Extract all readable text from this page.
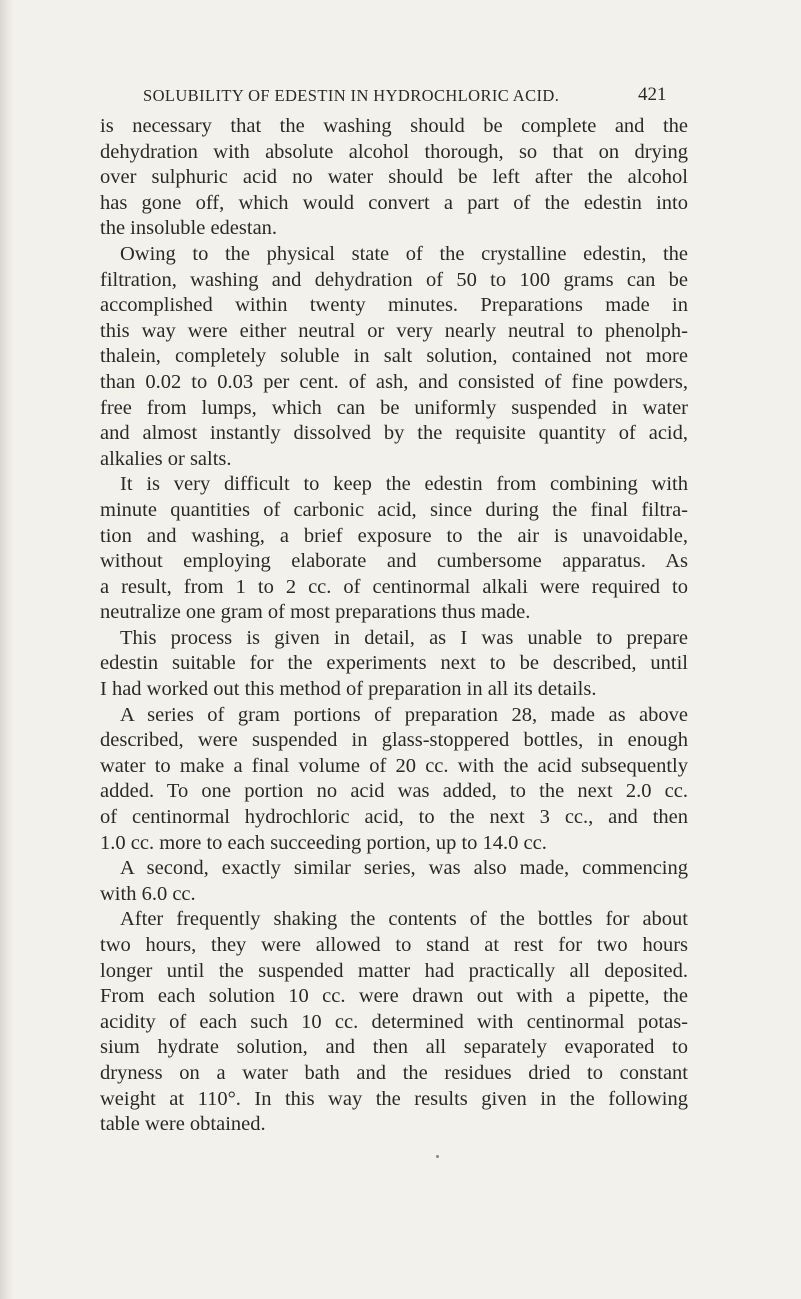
SOLUBILITY OF EDESTIN IN HYDROCHLORIC ACID.	421
is necessary that the washing should be complete and the
dehydration with absolute alcohol thorough, so that on drying
over sulphuric acid no water should be left after the alcohol
has gone off, which would convert a part of the edestin into
the insoluble edestan.
Owing to the physical state of the crystalline edestin, the
filtration, washing and dehydration of 50 to 100 grams can be
accomplished within twenty minutes. Preparations made in
this way were either neutral or very nearly neutral to phenolph-
thalein, completely soluble in salt solution, contained not more
than 0.02 to 0.03 per cent. of ash, and consisted of fine powders,
free from lumps, which can be uniformly suspended in water
and almost instantly dissolved by the requisite quantity of acid,
alkalies or salts.
It is very difficult to keep the edestin from combining with
minute quantities of carbonic acid, since during the final filtra-
tion and washing, a brief exposure to the air is unavoidable,
without employing elaborate and cumbersome apparatus. As
a result, from 1 to 2 cc. of centinormal alkali were required to
neutralize one gram of most preparations thus made.
This process is given in detail, as I was unable to prepare
edestin suitable for the experiments next to be described, until
I had worked out this method of preparation in all its details.
A series of gram portions of preparation 28, made as above
described, were suspended in glass-stoppered bottles, in enough
water to make a final volume of 20 cc. with the acid subsequently
added. To one portion no acid was added, to the next 2.0 cc.
of centinormal hydrochloric acid, to the next 3 cc., and then
1.0 cc. more to each succeeding portion, up to 14.0 cc.
A second, exactly similar series, was also made, commencing
with 6.0 cc.
After frequently shaking the contents of the bottles for about
two hours, they were allowed to stand at rest for two hours
longer until the suspended matter had practically all deposited.
From each solution 10 cc. were drawn out with a pipette, the
acidity of each such 10 cc. determined with centinormal potas-
sium hydrate solution, and then all separately evaporated to
dryness on a water bath and the residues dried to constant
weight at 110°. In this way the results given in the following
table were obtained.
